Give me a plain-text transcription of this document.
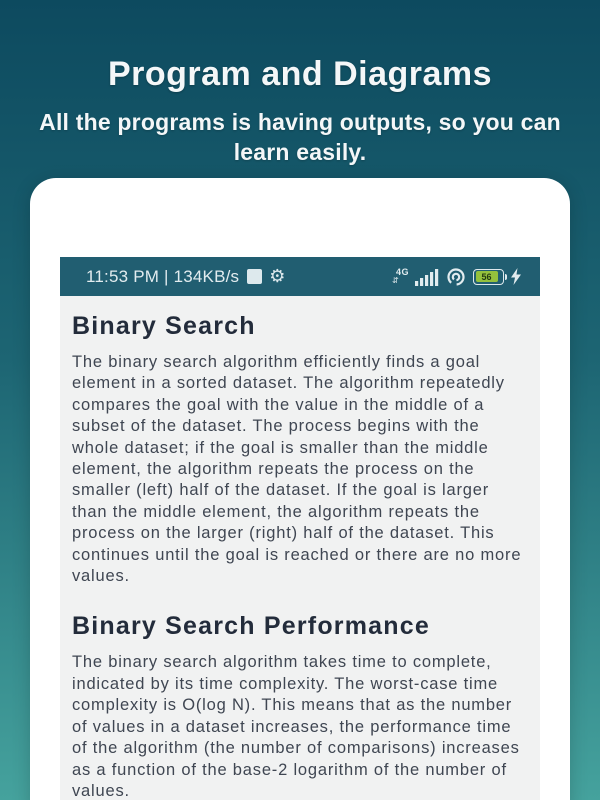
Program and Diagrams
All the programs is having outputs, so you can learn easily.
11:53 PM | 134KB/s ⚙	4G
⇵	56
Binary Search

The binary search algorithm efficiently finds a goal element in a sorted dataset. The algorithm repeatedly compares the goal with the value in the middle of a subset of the dataset. The process begins with the whole dataset; if the goal is smaller than the middle element, the algorithm repeats the process on the smaller (left) half of the dataset. If the goal is larger than the middle element, the algorithm repeats the process on the larger (right) half of the dataset. This continues until the goal is reached or there are no more values.

Binary Search Performance

The binary search algorithm takes time to complete, indicated by its time complexity. The worst-case time complexity is O(log N). This means that as the number of values in a dataset increases, the performance time of the algorithm (the number of comparisons) increases as a function of the base-2 logarithm of the number of values.
